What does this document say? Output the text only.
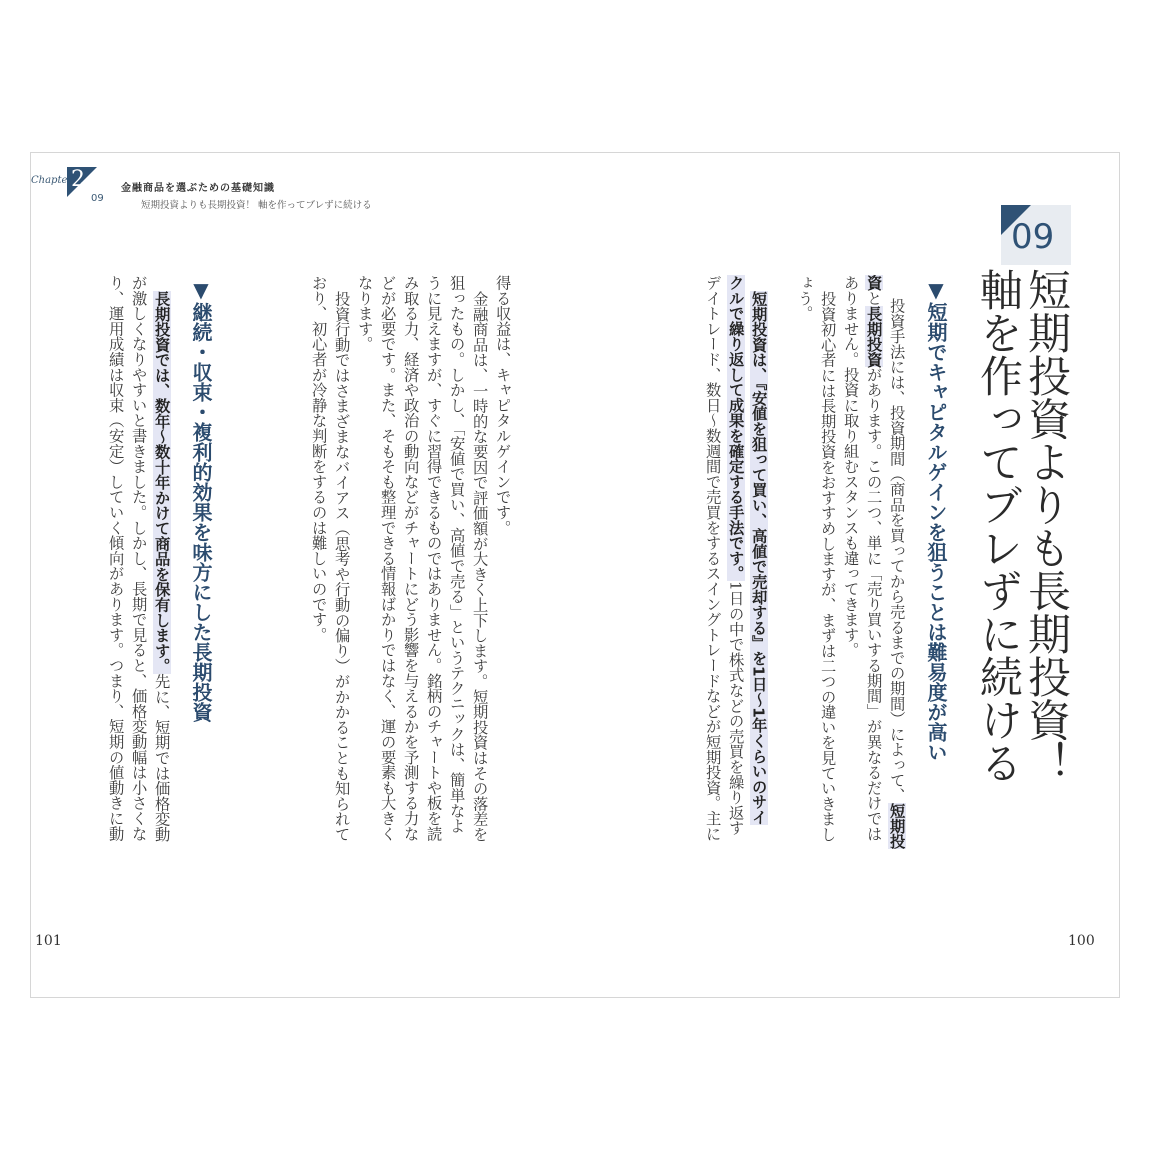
Chapter
2
09
金融商品を選ぶための基礎知識
短期投資よりも長期投資！ 軸を作ってブレずに続ける
09
短期投資よりも長期投資！
軸を作ってブレずに続ける
▼短期でキャピタルゲインを狙うことは難易度が高い
投資手法には、投資期間（商品を買ってから売るまでの期間）によって、短期投
資と長期投資があります。この二つ、単に「売り買いする期間」が異なるだけでは
ありません。投資に取り組むスタンスも違ってきます。
投資初心者には長期投資をおすすめしますが、まずは二つの違いを見ていきまし
ょう。
短期投資は、『安値を狙って買い、高値で売却する』を1日～1年くらいのサイ
クルで繰り返して成果を確定する手法です。1日の中で株式などの売買を繰り返す
デイトレード、数日～数週間で売買をするスイングトレードなどが短期投資。主に
100
得る収益は、キャピタルゲインです。
金融商品は、一時的な要因で評価額が大きく上下します。短期投資はその落差を
狙ったもの。しかし、「安値で買い、高値で売る」というテクニックは、簡単なよ
うに見えますが、すぐに習得できるものではありません。銘柄のチャートや板を読
み取る力、経済や政治の動向などがチャートにどう影響を与えるかを予測する力な
どが必要です。また、そもそも整理できる情報ばかりではなく、運の要素も大きく
なります。
投資行動ではさまざまなバイアス（思考や行動の偏り）がかかることも知られて
おり、初心者が冷静な判断をするのは難しいのです。
▼継続・収束・複利的効果を味方にした長期投資
長期投資では、数年～数十年かけて商品を保有します。先に、短期では価格変動
が激しくなりやすいと書きました。しかし、長期で見ると、価格変動幅は小さくな
り、運用成績は収束（安定）していく傾向があります。つまり、短期の値動きに動
101
